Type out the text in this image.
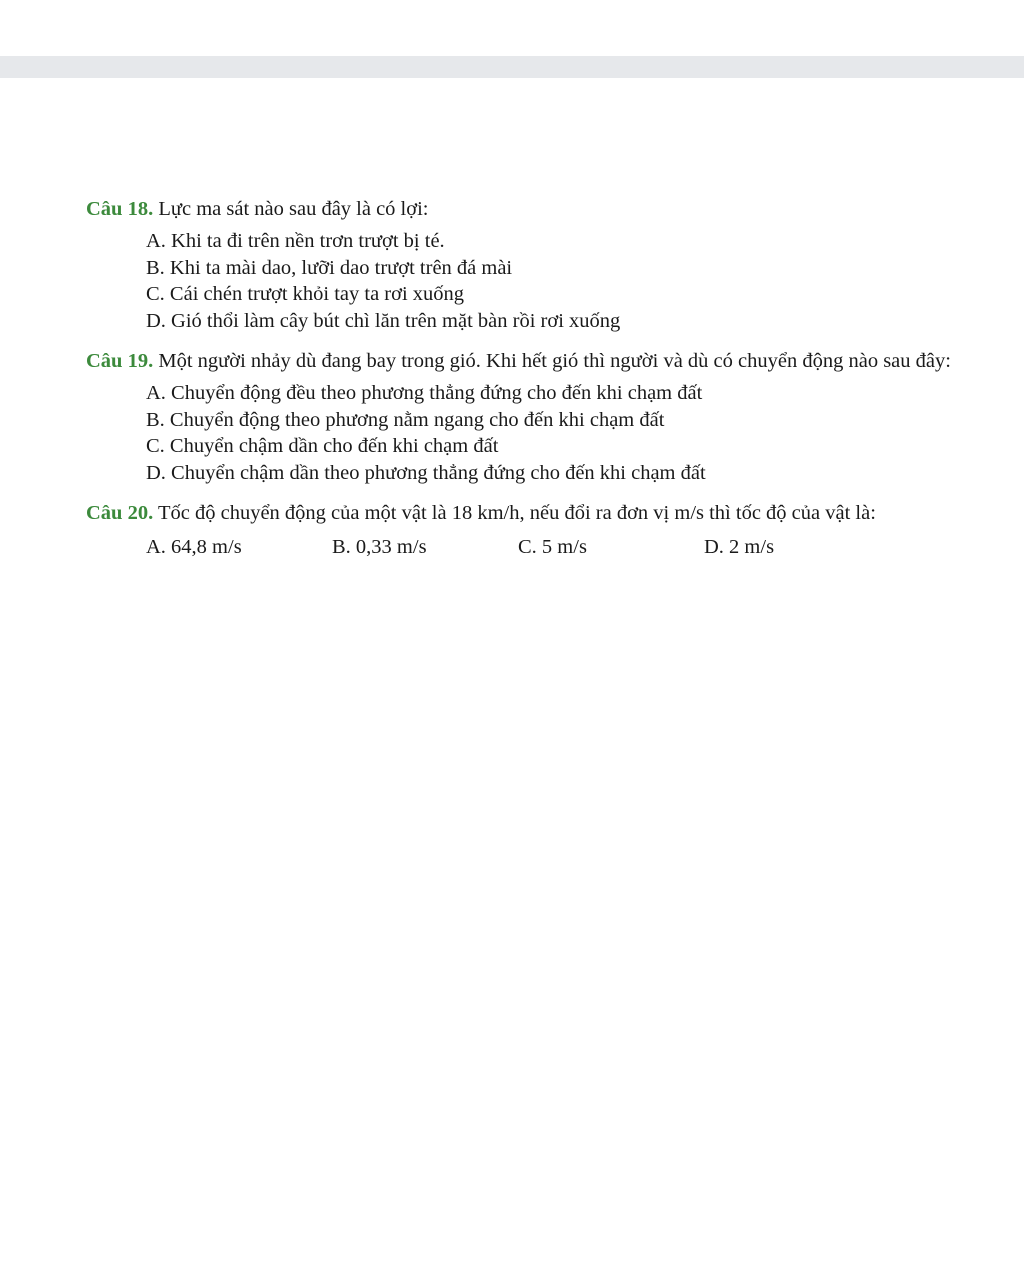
Câu 18. Lực ma sát nào sau đây là có lợi:
A. Khi ta đi trên nền trơn trượt bị té.
B. Khi ta mài dao, lưỡi dao trượt trên đá mài
C. Cái chén trượt khỏi tay ta rơi xuống
D. Gió thổi làm cây bút chì lăn trên mặt bàn rồi rơi xuống
Câu 19. Một người nhảy dù đang bay trong gió. Khi hết gió thì người và dù có chuyển động nào sau đây:
A. Chuyển động đều theo phương thẳng đứng cho đến khi chạm đất
B. Chuyển động theo phương nằm ngang cho đến khi chạm đất
C. Chuyển chậm dần cho đến khi chạm đất
D. Chuyển chậm dần theo phương thẳng đứng cho đến khi chạm đất
Câu 20. Tốc độ chuyển động của một vật là 18 km/h, nếu đổi ra đơn vị m/s thì tốc độ của vật là:
A. 64,8 m/s	B. 0,33 m/s	C. 5 m/s	D. 2 m/s
